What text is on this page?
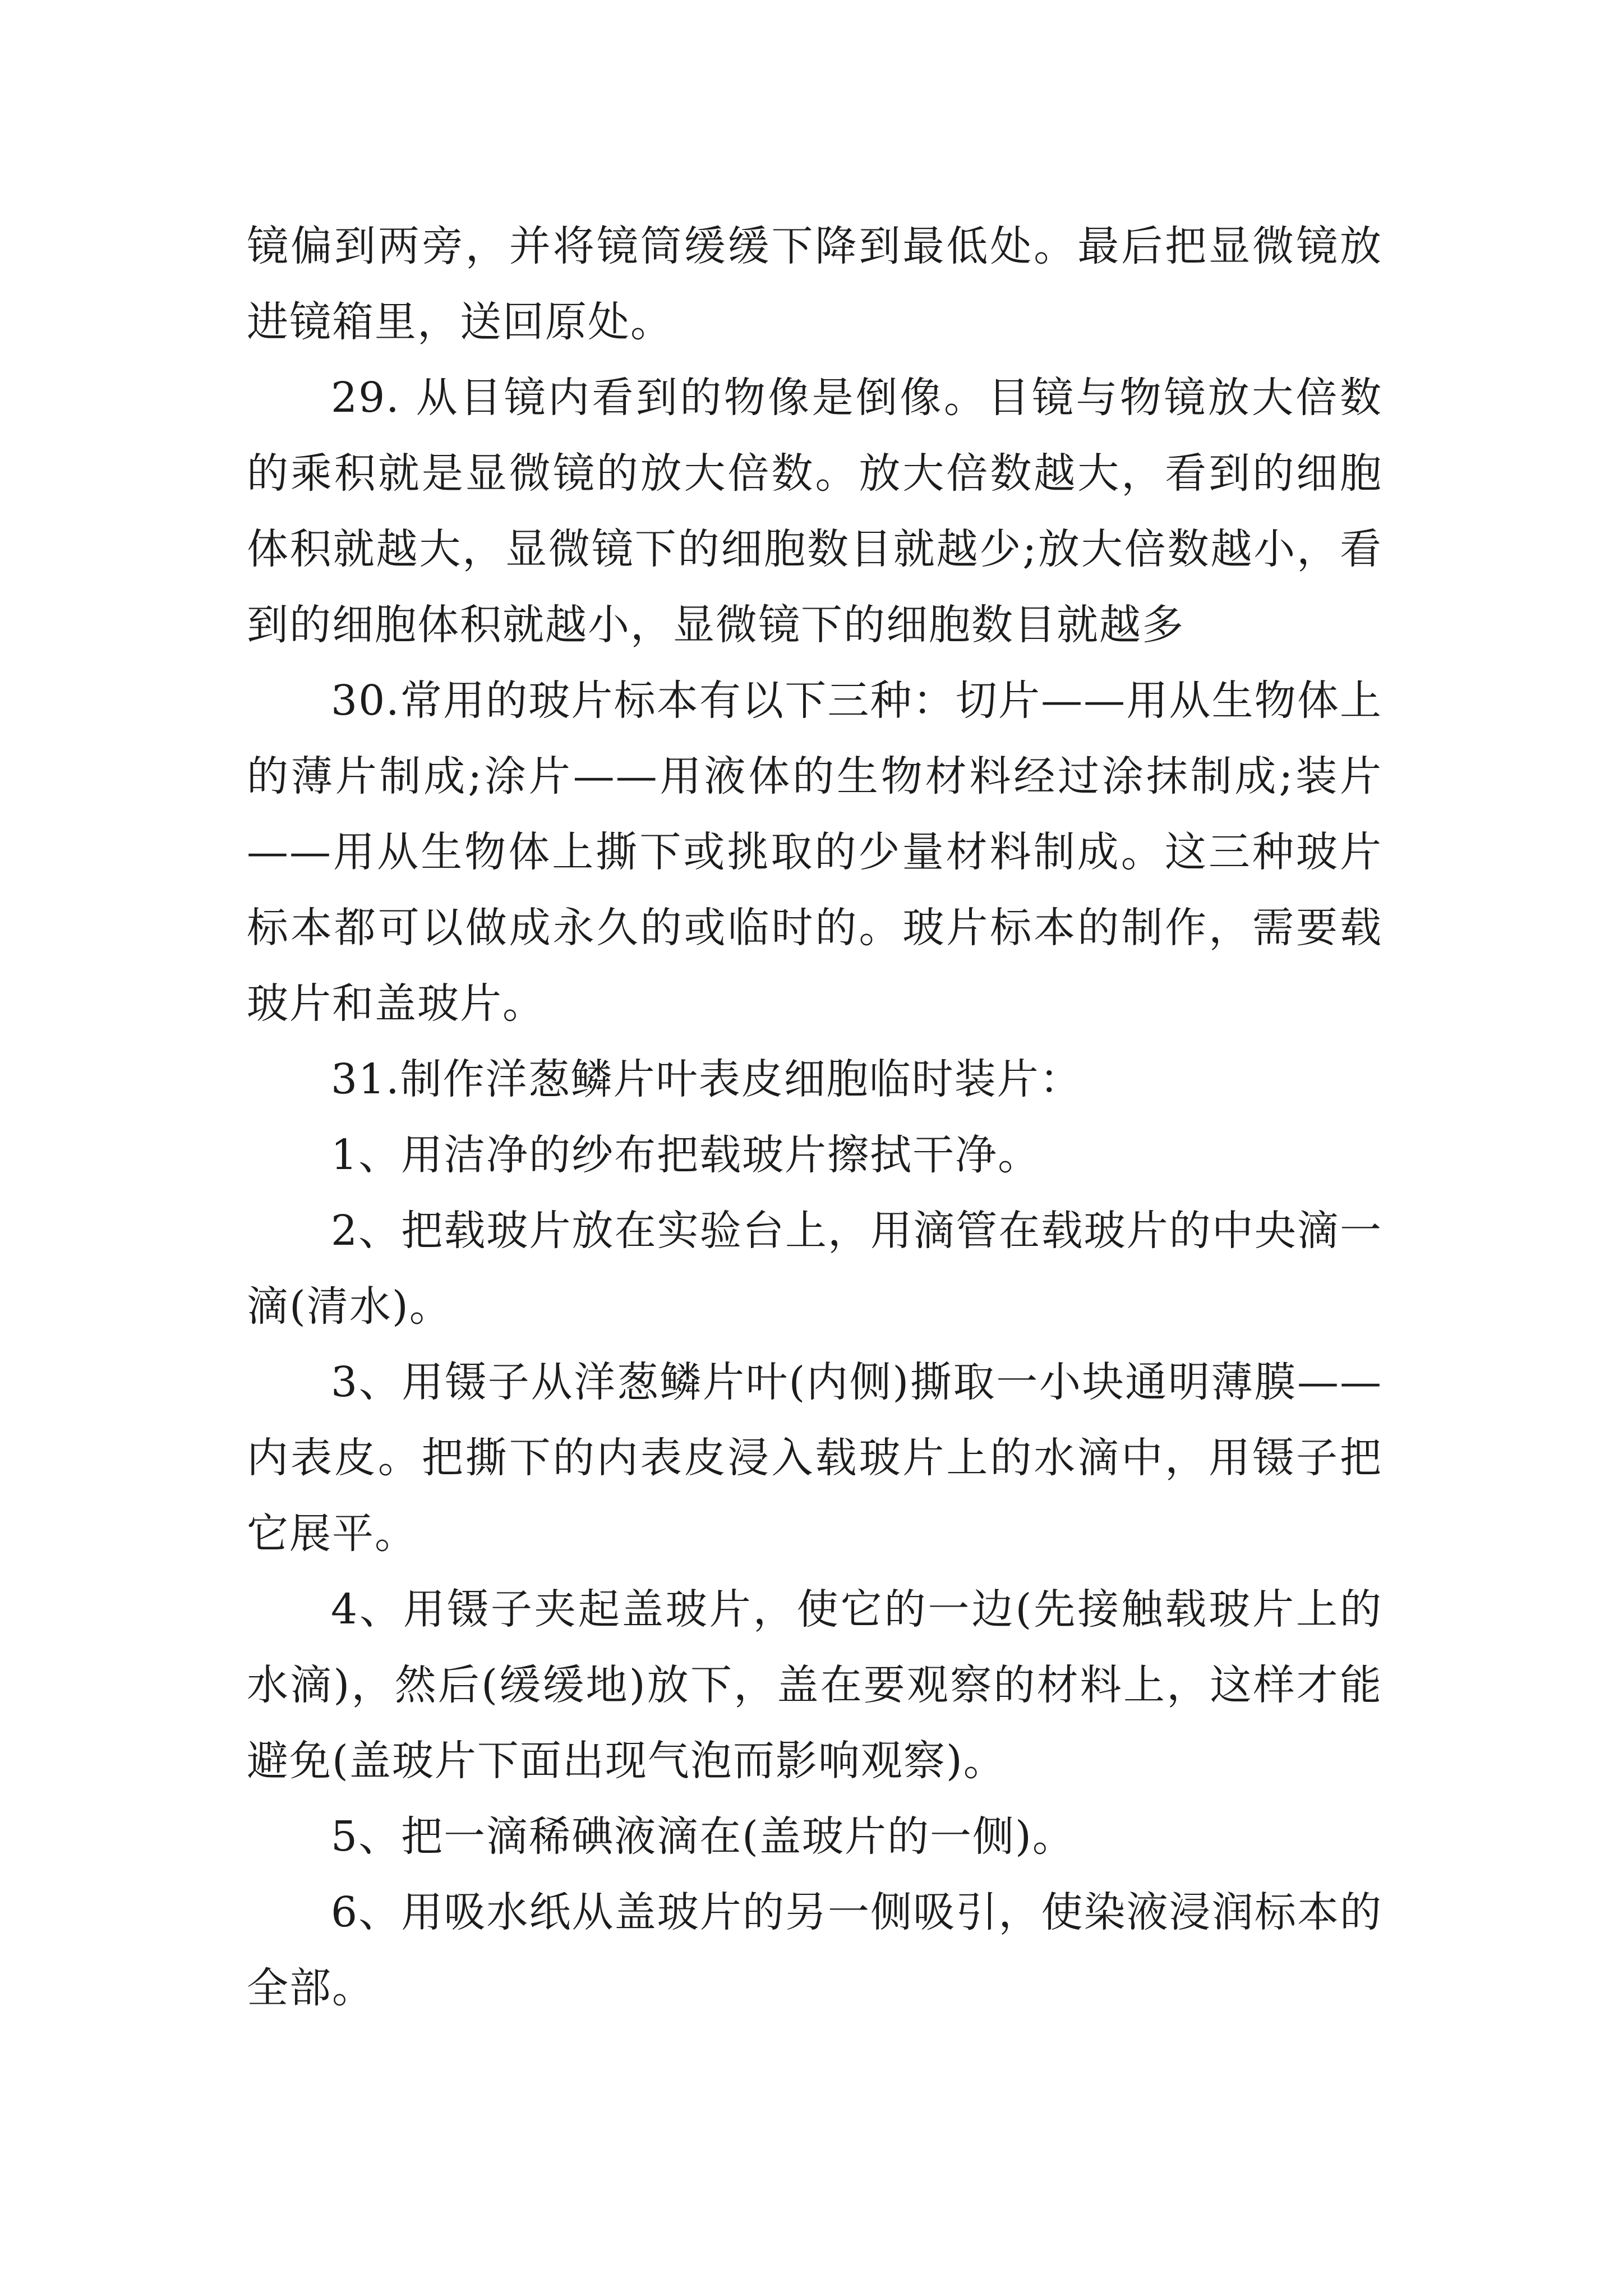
镜偏到两旁，并将镜筒缓缓下降到最低处。最后把显微镜放进镜箱里，送回原处。

29. 从目镜内看到的物像是倒像。目镜与物镜放大倍数的乘积就是显微镜的放大倍数。放大倍数越大，看到的细胞体积就越大，显微镜下的细胞数目就越少;放大倍数越小，看到的细胞体积就越小，显微镜下的细胞数目就越多

30.常用的玻片标本有以下三种：切片——用从生物体上的薄片制成;涂片——用液体的生物材料经过涂抹制成;装片——用从生物体上撕下或挑取的少量材料制成。这三种玻片标本都可以做成永久的或临时的。玻片标本的制作，需要载玻片和盖玻片。

31.制作洋葱鳞片叶表皮细胞临时装片：

1、用洁净的纱布把载玻片擦拭干净。

2、把载玻片放在实验台上，用滴管在载玻片的中央滴一滴(清水)。

3、用镊子从洋葱鳞片叶(内侧)撕取一小块通明薄膜——内表皮。把撕下的内表皮浸入载玻片上的水滴中，用镊子把它展平。

4、用镊子夹起盖玻片，使它的一边(先接触载玻片上的水滴)，然后(缓缓地)放下，盖在要观察的材料上，这样才能避免(盖玻片下面出现气泡而影响观察)。

5、把一滴稀碘液滴在(盖玻片的一侧)。

6、用吸水纸从盖玻片的另一侧吸引，使染液浸润标本的全部。
